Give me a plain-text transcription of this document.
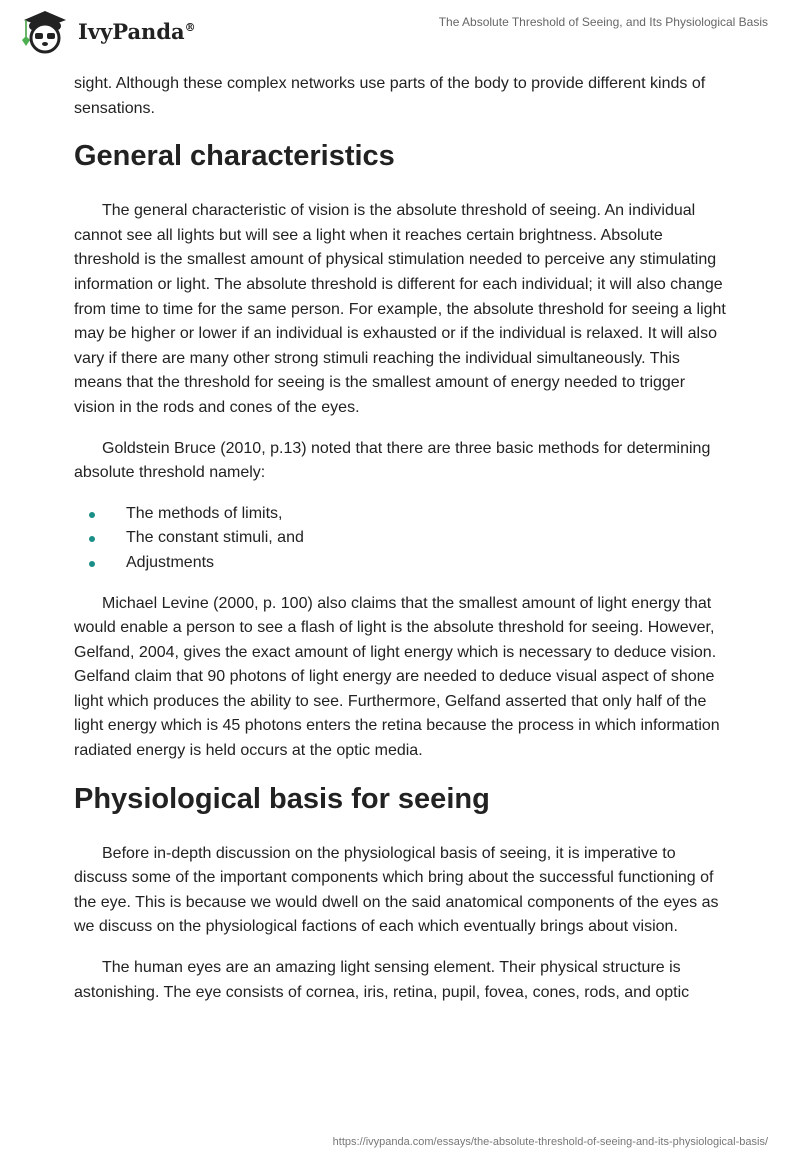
IvyPanda®	The Absolute Threshold of Seeing, and Its Physiological Basis

sight. Although these complex networks use parts of the body to provide different kinds of sensations.

General characteristics

The general characteristic of vision is the absolute threshold of seeing. An individual cannot see all lights but will see a light when it reaches certain brightness. Absolute threshold is the smallest amount of physical stimulation needed to perceive any stimulating information or light. The absolute threshold is different for each individual; it will also change from time to time for the same person. For example, the absolute threshold for seeing a light may be higher or lower if an individual is exhausted or if the individual is relaxed. It will also vary if there are many other strong stimuli reaching the individual simultaneously. This means that the threshold for seeing is the smallest amount of energy needed to trigger vision in the rods and cones of the eyes.

Goldstein Bruce (2010, p.13) noted that there are three basic methods for determining absolute threshold namely:

The methods of limits,
The constant stimuli, and
Adjustments

Michael Levine (2000, p. 100) also claims that the smallest amount of light energy that would enable a person to see a flash of light is the absolute threshold for seeing. However, Gelfand, 2004, gives the exact amount of light energy which is necessary to deduce vision. Gelfand claim that 90 photons of light energy are needed to deduce visual aspect of shone light which produces the ability to see. Furthermore, Gelfand asserted that only half of the light energy which is 45 photons enters the retina because the process in which information radiated energy is held occurs at the optic media.

Physiological basis for seeing

Before in-depth discussion on the physiological basis of seeing, it is imperative to discuss some of the important components which bring about the successful functioning of the eye. This is because we would dwell on the said anatomical components of the eyes as we discuss on the physiological factions of each which eventually brings about vision.

The human eyes are an amazing light sensing element. Their physical structure is astonishing. The eye consists of cornea, iris, retina, pupil, fovea, cones, rods, and optic

https://ivypanda.com/essays/the-absolute-threshold-of-seeing-and-its-physiological-basis/
